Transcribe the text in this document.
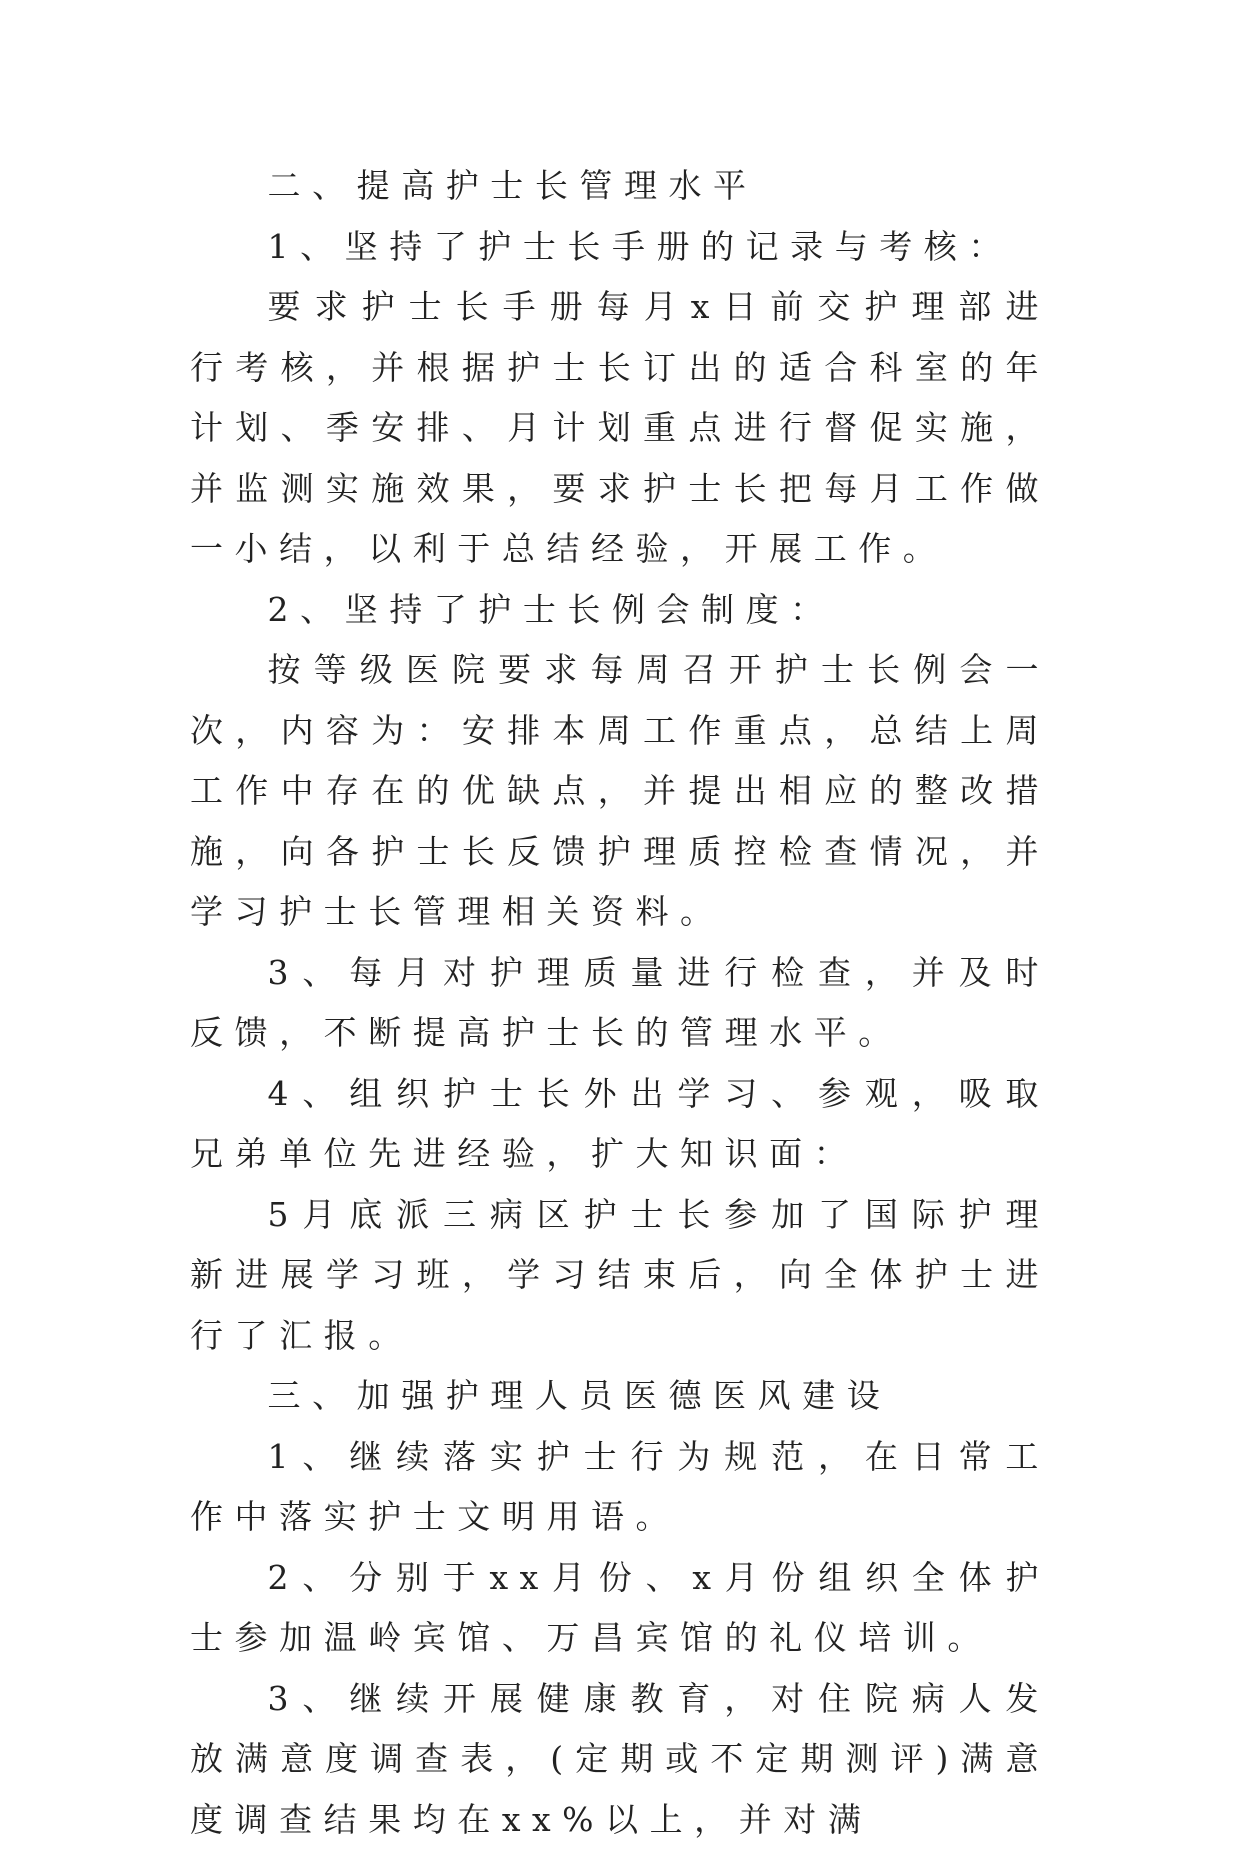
二、提高护士长管理水平

1、坚持了护士长手册的记录与考核：

要求护士长手册每月x日前交护理部进行考核，并根据护士长订出的适合科室的年计划、季安排、月计划重点进行督促实施，并监测实施效果，要求护士长把每月工作做一小结，以利于总结经验，开展工作。

2、坚持了护士长例会制度：

按等级医院要求每周召开护士长例会一次，内容为：安排本周工作重点，总结上周工作中存在的优缺点，并提出相应的整改措施，向各护士长反馈护理质控检查情况，并学习护士长管理相关资料。

3、每月对护理质量进行检查，并及时反馈，不断提高护士长的管理水平。

4、组织护士长外出学习、参观，吸取兄弟单位先进经验，扩大知识面：

5月底派三病区护士长参加了国际护理新进展学习班，学习结束后，向全体护士进行了汇报。

三、加强护理人员医德医风建设

1、继续落实护士行为规范，在日常工作中落实护士文明用语。

2、分别于xx月份、x月份组织全体护士参加温岭宾馆、万昌宾馆的礼仪培训。

3、继续开展健康教育，对住院病人发放满意度调查表，(定期或不定期测评)满意度调查结果均在xx%以上，并对满
